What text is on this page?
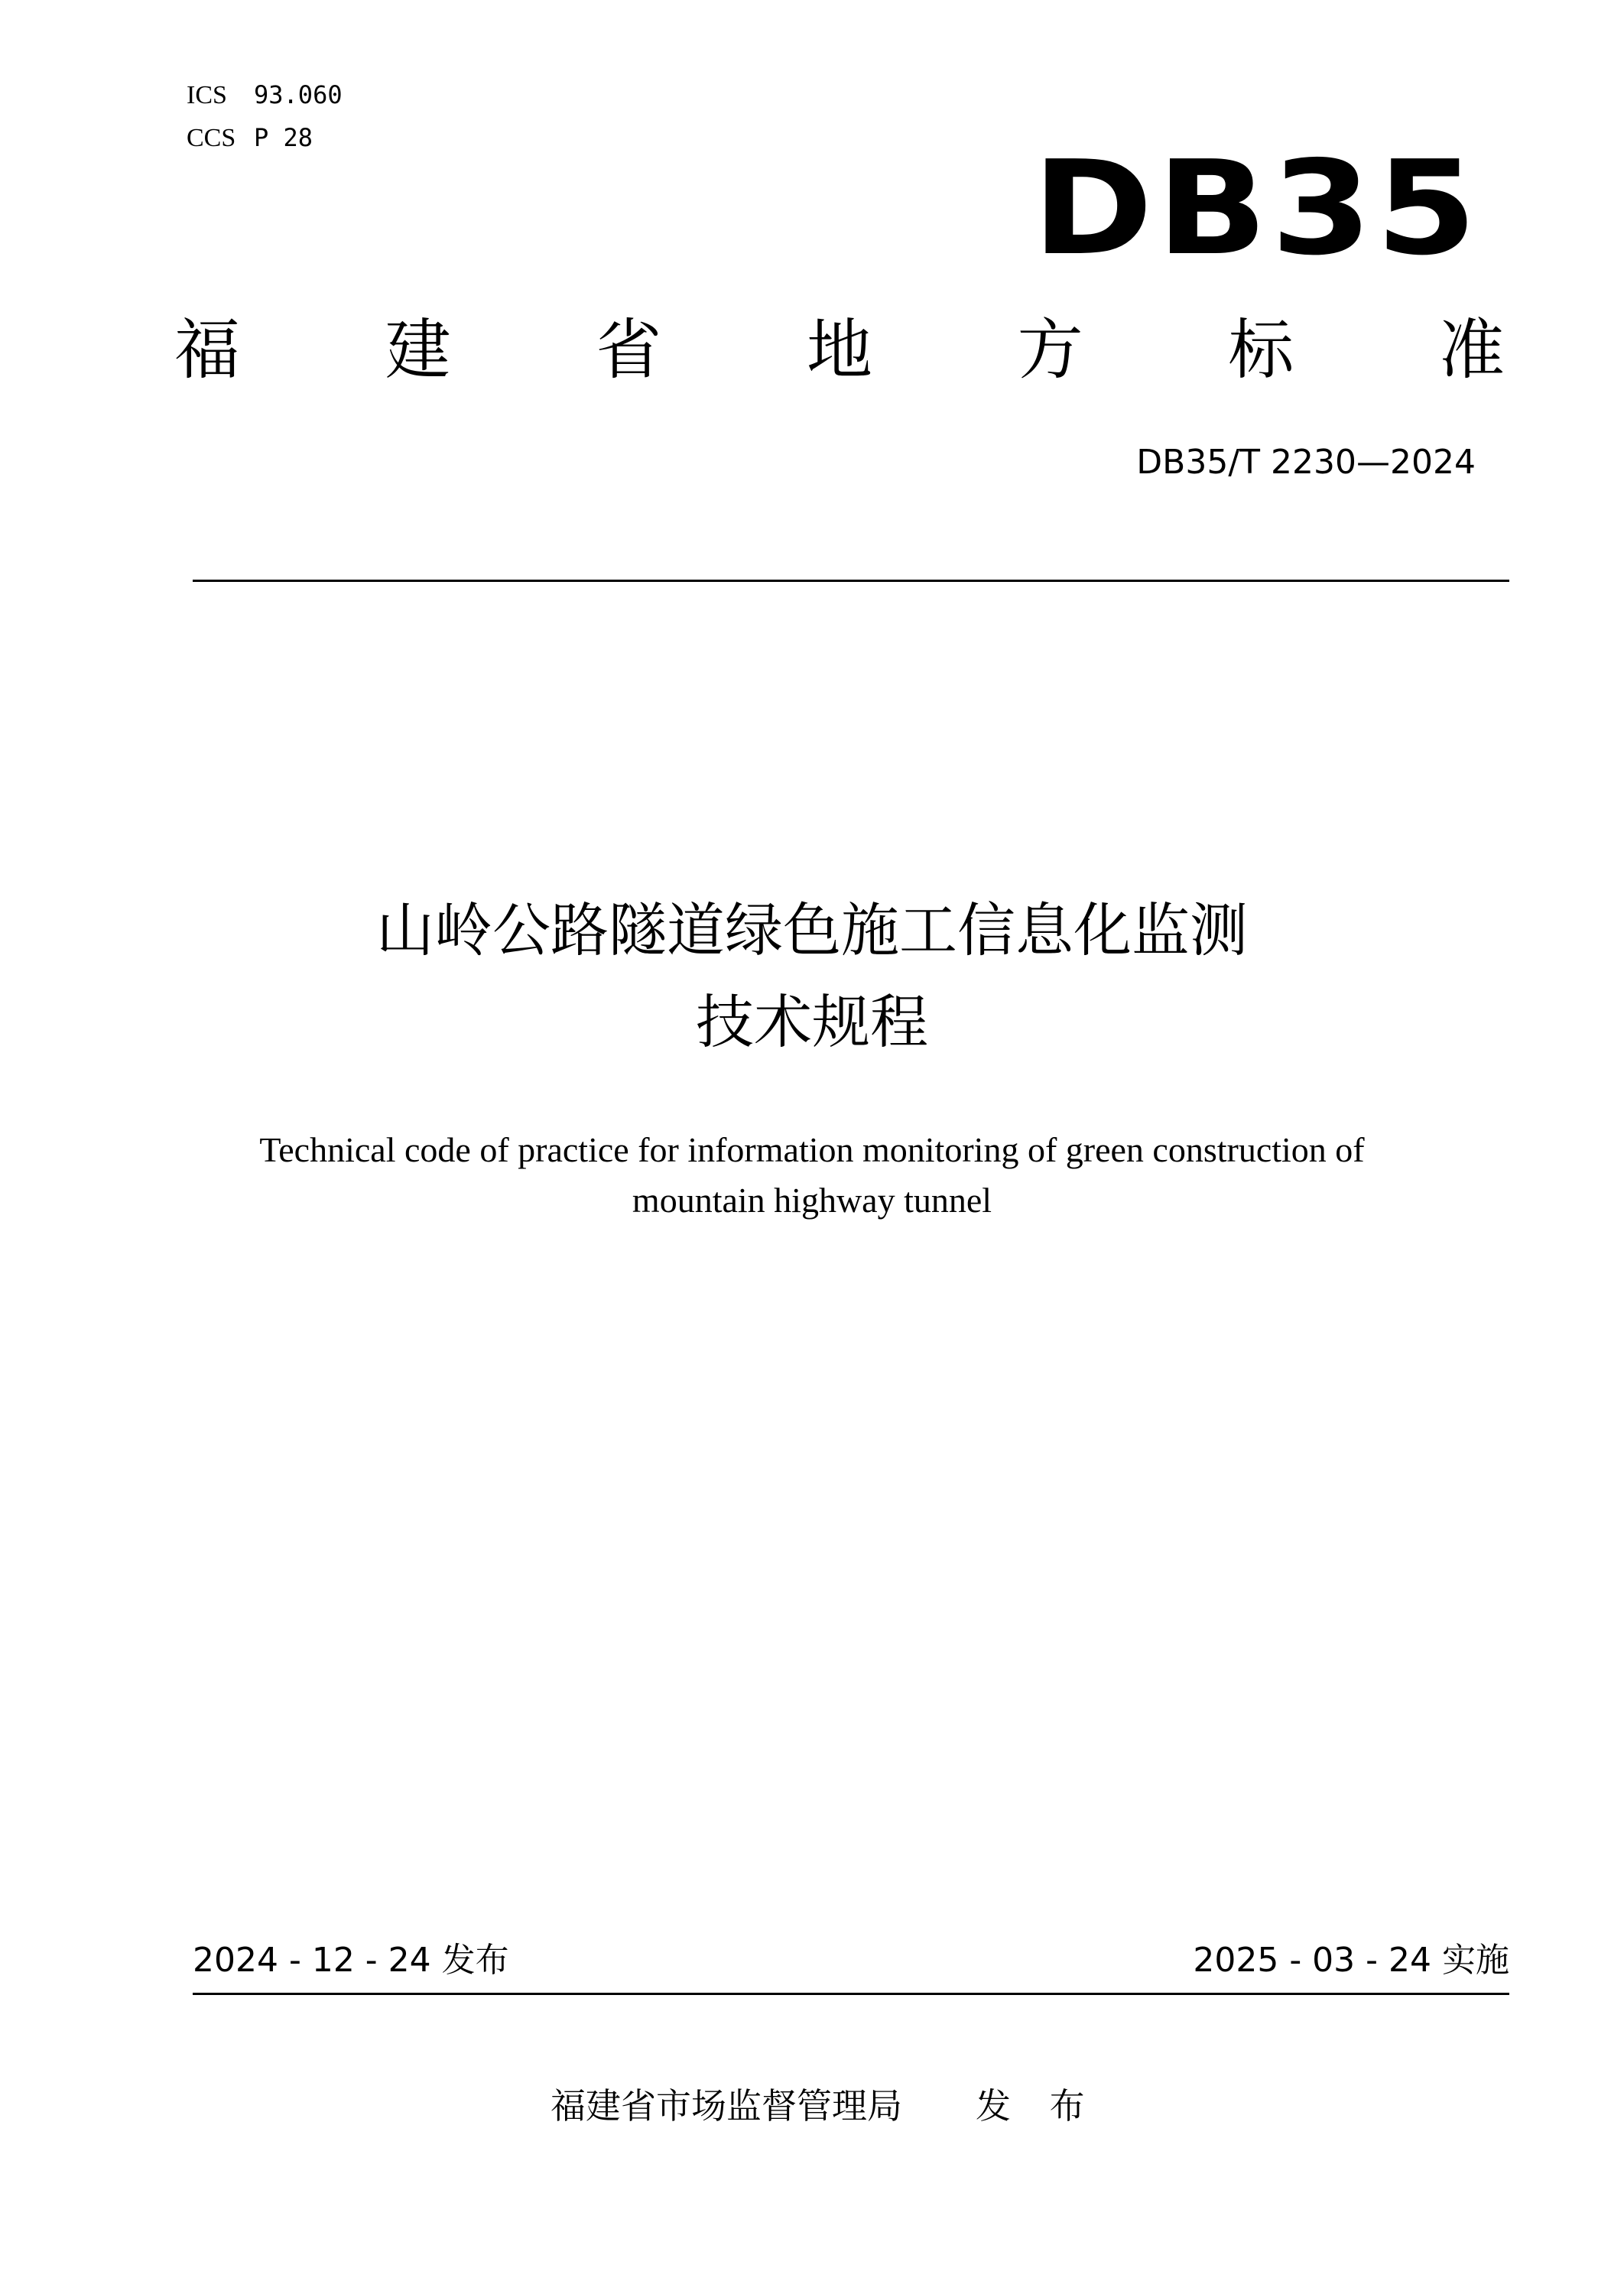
ICS 93.060
CCS P 28	DB35
福 建 省 地 方 标 准
DB35/T 2230—2024
山岭公路隧道绿色施工信息化监测
技术规程
Technical code of practice for information monitoring of green construction of
mountain highway tunnel
2024 - 12 - 24 发布	2025 - 03 - 24 实施
福建省市场监督管理局 发 布
